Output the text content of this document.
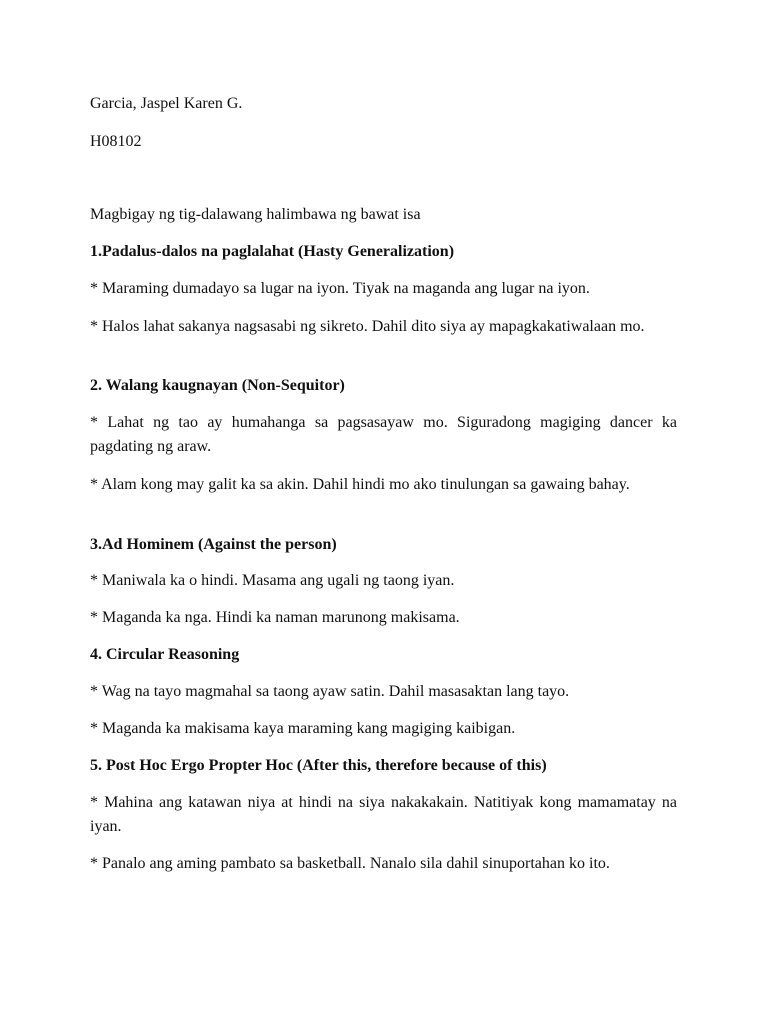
Garcia, Jaspel Karen G.

H08102

Magbigay ng tig-dalawang halimbawa ng bawat isa

1.Padalus-dalos na paglalahat (Hasty Generalization)

* Maraming dumadayo sa lugar na iyon. Tiyak na maganda ang lugar na iyon.

* Halos lahat sakanya nagsasabi ng sikreto. Dahil dito siya ay mapagkakatiwalaan mo.

2. Walang kaugnayan (Non-Sequitor)

* Lahat ng tao ay humahanga sa pagsasayaw mo. Siguradong magiging dancer ka pagdating ng araw.

* Alam kong may galit ka sa akin. Dahil hindi mo ako tinulungan sa gawaing bahay.

3.Ad Hominem (Against the person)

* Maniwala ka o hindi. Masama ang ugali ng taong iyan.

* Maganda ka nga. Hindi ka naman marunong makisama.

4. Circular Reasoning

* Wag na tayo magmahal sa taong ayaw satin. Dahil masasaktan lang tayo.

* Maganda ka makisama kaya maraming kang magiging kaibigan.

5. Post Hoc Ergo Propter Hoc (After this, therefore because of this)

* Mahina ang katawan niya at hindi na siya nakakakain. Natitiyak kong mamamatay na iyan.

* Panalo ang aming pambato sa basketball. Nanalo sila dahil sinuportahan ko ito.
